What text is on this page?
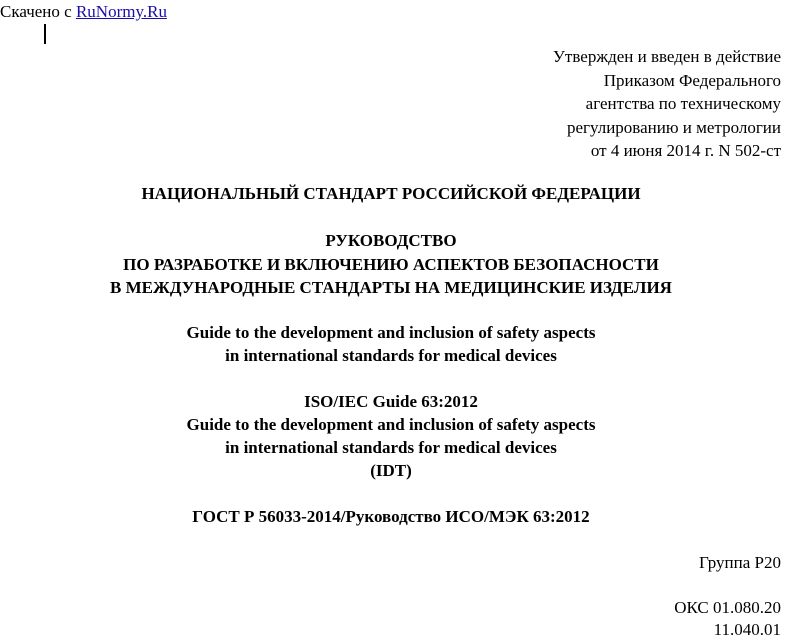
Скачено с RuNormy.Ru
Утвержден и введен в действие
Приказом Федерального
агентства по техническому
регулированию и метрологии
от 4 июня 2014 г. N 502-ст
НАЦИОНАЛЬНЫЙ СТАНДАРТ РОССИЙСКОЙ ФЕДЕРАЦИИ
РУКОВОДСТВО
ПО РАЗРАБОТКЕ И ВКЛЮЧЕНИЮ АСПЕКТОВ БЕЗОПАСНОСТИ
В МЕЖДУНАРОДНЫЕ СТАНДАРТЫ НА МЕДИЦИНСКИЕ ИЗДЕЛИЯ
Guide to the development and inclusion of safety aspects
in international standards for medical devices
ISO/IEC Guide 63:2012
Guide to the development and inclusion of safety aspects
in international standards for medical devices
(IDT)
ГОСТ Р 56033-2014/Руководство ИСО/МЭК 63:2012
Группа Р20
ОКС 01.080.20
11.040.01
